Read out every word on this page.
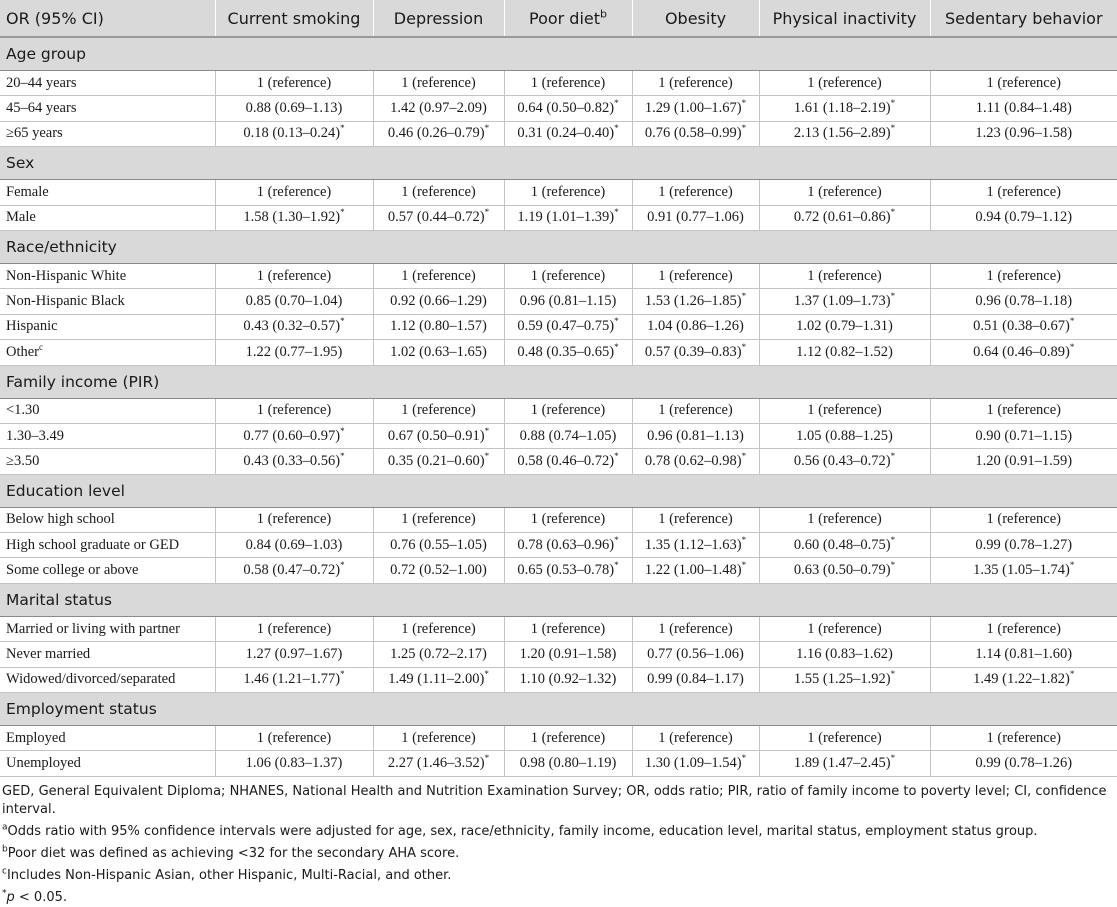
OR (95% CI)	Current smoking	Depression	Poor diet$^b$	Obesity	Physical inactivity	Sedentary behavior
Age group						
20–44 years	1 (reference)	1 (reference)	1 (reference)	1 (reference)	1 (reference)	1 (reference)
45–64 years	0.88 (0.69–1.13)	1.42 (0.97–2.09)	0.64 (0.50–0.82)*	1.29 (1.00–1.67)*	1.61 (1.18–2.19)*	1.11 (0.84–1.48)
≥65 years	0.18 (0.13–0.24)*	0.46 (0.26–0.79)*	0.31 (0.24–0.40)*	0.76 (0.58–0.99)*	2.13 (1.56–2.89)*	1.23 (0.96–1.58)
Sex						
Female	1 (reference)	1 (reference)	1 (reference)	1 (reference)	1 (reference)	1 (reference)
Male	1.58 (1.30–1.92)*	0.57 (0.44–0.72)*	1.19 (1.01–1.39)*	0.91 (0.77–1.06)	0.72 (0.61–0.86)*	0.94 (0.79–1.12)
Race/ethnicity						
Non-Hispanic White	1 (reference)	1 (reference)	1 (reference)	1 (reference)	1 (reference)	1 (reference)
Non-Hispanic Black	0.85 (0.70–1.04)	0.92 (0.66–1.29)	0.96 (0.81–1.15)	1.53 (1.26–1.85)*	1.37 (1.09–1.73)*	0.96 (0.78–1.18)
Hispanic	0.43 (0.32–0.57)*	1.12 (0.80–1.57)	0.59 (0.47–0.75)*	1.04 (0.86–1.26)	1.02 (0.79–1.31)	0.51 (0.38–0.67)*
Other$^c$	1.22 (0.77–1.95)	1.02 (0.63–1.65)	0.48 (0.35–0.65)*	0.57 (0.39–0.83)*	1.12 (0.82–1.52)	0.64 (0.46–0.89)*
Family income (PIR)						
<1.30	1 (reference)	1 (reference)	1 (reference)	1 (reference)	1 (reference)	1 (reference)
1.30–3.49	0.77 (0.60–0.97)*	0.67 (0.50–0.91)*	0.88 (0.74–1.05)	0.96 (0.81–1.13)	1.05 (0.88–1.25)	0.90 (0.71–1.15)
≥3.50	0.43 (0.33–0.56)*	0.35 (0.21–0.60)*	0.58 (0.46–0.72)*	0.78 (0.62–0.98)*	0.56 (0.43–0.72)*	1.20 (0.91–1.59)
Education level						
Below high school	1 (reference)	1 (reference)	1 (reference)	1 (reference)	1 (reference)	1 (reference)
High school graduate or GED	0.84 (0.69–1.03)	0.76 (0.55–1.05)	0.78 (0.63–0.96)*	1.35 (1.12–1.63)*	0.60 (0.48–0.75)*	0.99 (0.78–1.27)
Some college or above	0.58 (0.47–0.72)*	0.72 (0.52–1.00)	0.65 (0.53–0.78)*	1.22 (1.00–1.48)*	0.63 (0.50–0.79)*	1.35 (1.05–1.74)*
Marital status						
Married or living with partner	1 (reference)	1 (reference)	1 (reference)	1 (reference)	1 (reference)	1 (reference)
Never married	1.27 (0.97–1.67)	1.25 (0.72–2.17)	1.20 (0.91–1.58)	0.77 (0.56–1.06)	1.16 (0.83–1.62)	1.14 (0.81–1.60)
Widowed/divorced/separated	1.46 (1.21–1.77)*	1.49 (1.11–2.00)*	1.10 (0.92–1.32)	0.99 (0.84–1.17)	1.55 (1.25–1.92)*	1.49 (1.22–1.82)*
Employment status						
Employed	1 (reference)	1 (reference)	1 (reference)	1 (reference)	1 (reference)	1 (reference)
Unemployed	1.06 (0.83–1.37)	2.27 (1.46–3.52)*	0.98 (0.80–1.19)	1.30 (1.09–1.54)*	1.89 (1.47–2.45)*	0.99 (0.78–1.26)

GED, General Equivalent Diploma; NHANES, National Health and Nutrition Examination Survey; OR, odds ratio; PIR, ratio of family income to poverty level; CI, confidence interval.

$^a$Odds ratio with 95% confidence intervals were adjusted for age, sex, race/ethnicity, family income, education level, marital status, employment status group.

$^b$Poor diet was defined as achieving <32 for the secondary AHA score.

$^c$Includes Non-Hispanic Asian, other Hispanic, Multi-Racial, and other.

*p < 0.05.
